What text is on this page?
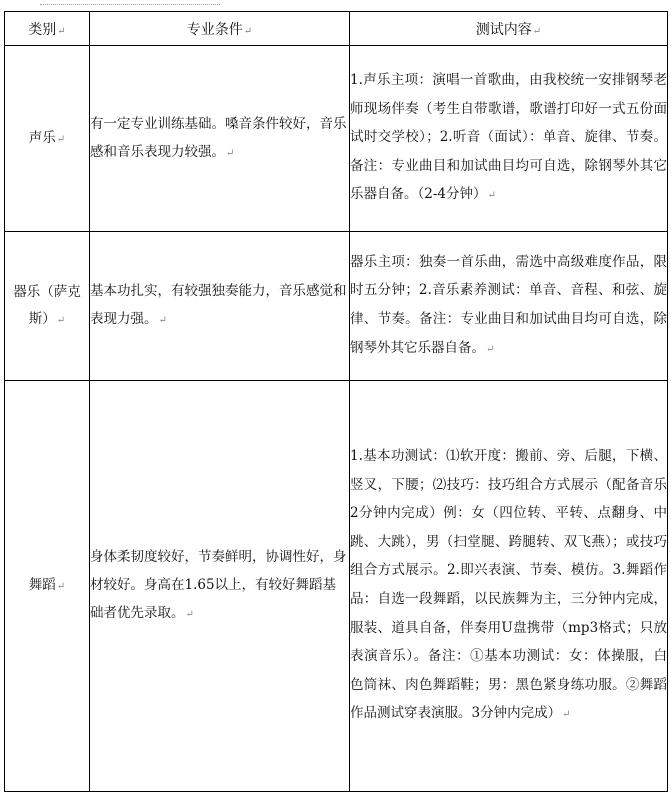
类别↵	专业条件↵	测试内容↵
声乐↵	有一定专业训练基础。嗓音条件较好，音乐感和音乐表现力较强。↵	1.声乐主项：演唱一首歌曲，由我校统一安排钢琴老师现场伴奏（考生自带歌谱，歌谱打印好一式五份面试时交学校）；2.听音（面试）：单音、旋律、节奏。备注：专业曲目和加试曲目均可自选，除钢琴外其它乐器自备。（2-4分钟）↵
器乐（萨克斯）↵	基本功扎实，有较强独奏能力，音乐感觉和表现力强。↵	器乐主项：独奏一首乐曲，需选中高级难度作品，限时五分钟；2.音乐素养测试：单音、音程、和弦、旋律、节奏。备注：专业曲目和加试曲目均可自选，除钢琴外其它乐器自备。↵
舞蹈↵	身体柔韧度较好，节奏鲜明，协调性好，身材较好。身高在1.65以上，有较好舞蹈基础者优先录取。↵	1.基本功测试：⑴软开度：搬前、旁、后腿，下横、竖叉，下腰；⑵技巧：技巧组合方式展示（配备音乐2分钟内完成）例：女（四位转、平转、点翻身、中跳、大跳），男（扫堂腿、跨腿转、双飞燕）；或技巧组合方式展示。2.即兴表演、节奏、模仿。3.舞蹈作品：自选一段舞蹈，以民族舞为主，三分钟内完成，服装、道具自备，伴奏用U盘携带（mp3格式；只放表演音乐）。备注：①基本功测试：女：体操服，白色筒袜、肉色舞蹈鞋；男：黑色紧身练功服。②舞蹈作品测试穿表演服。3分钟内完成）↵
